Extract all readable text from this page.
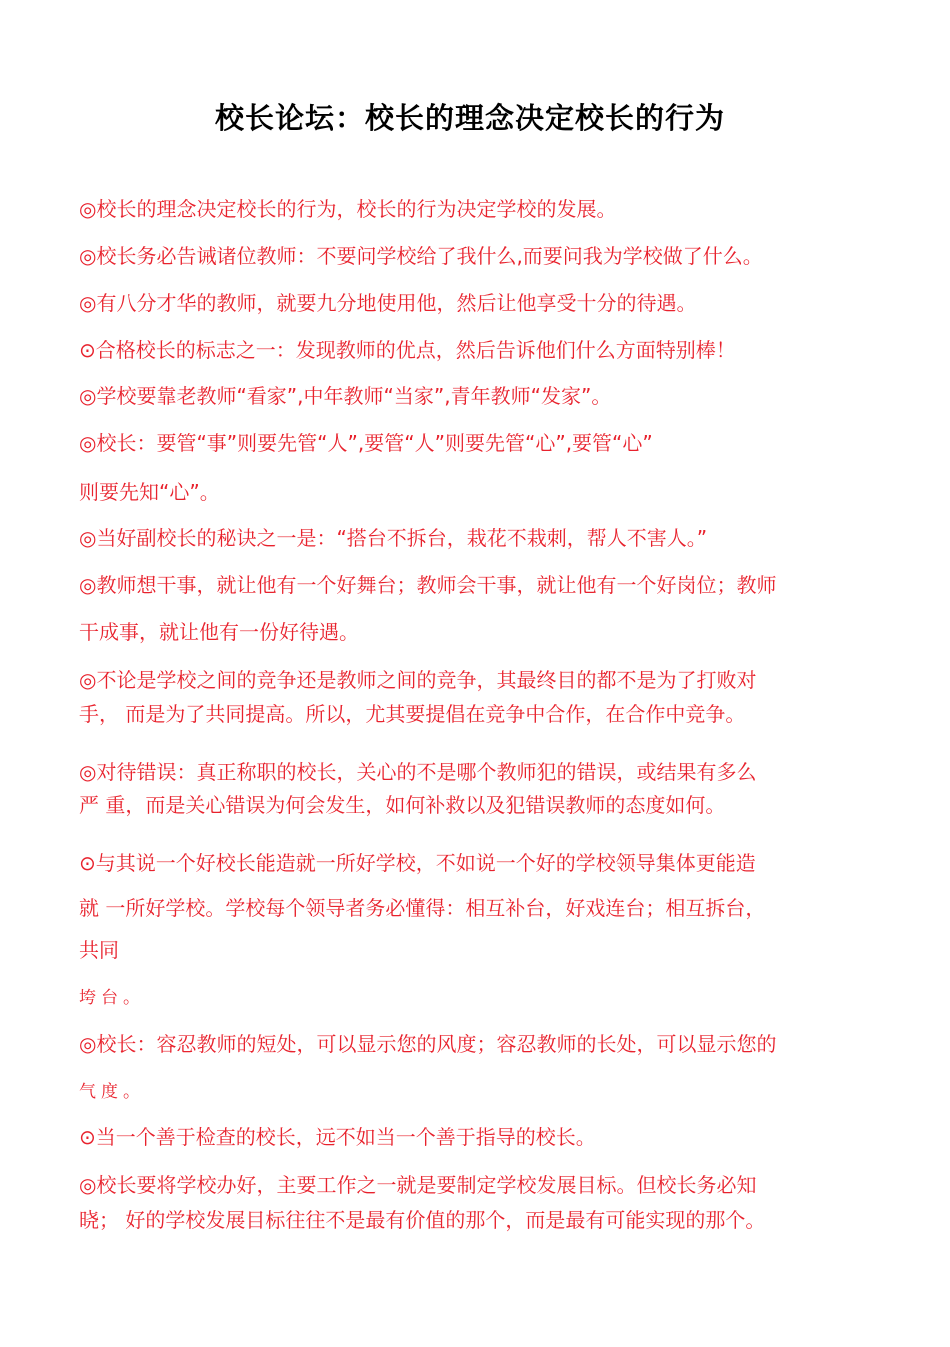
校长论坛：校长的理念决定校长的行为

◎校长的理念决定校长的行为，校长的行为决定学校的发展。

◎校长务必告诫诸位教师：不要问学校给了我什么,而要问我为学校做了什么。

◎有八分才华的教师，就要九分地使用他，然后让他享受十分的待遇。

⊙合格校长的标志之一：发现教师的优点，然后告诉他们什么方面特别棒！

◎学校要靠老教师“看家”,中年教师“当家”,青年教师“发家”。

◎校长：要管“事”则要先管“人”,要管“人”则要先管“心”,要管“心”

则要先知“心”。

◎当好副校长的秘诀之一是：“搭台不拆台，栽花不栽刺，帮人不害人。”

◎教师想干事，就让他有一个好舞台；教师会干事，就让他有一个好岗位；教师

干成事，就让他有一份好待遇。

◎不论是学校之间的竞争还是教师之间的竞争，其最终目的都不是为了打败对

手， 而是为了共同提高。所以，尤其要提倡在竞争中合作，在合作中竞争。

◎对待错误：真正称职的校长，关心的不是哪个教师犯的错误，或结果有多么

严 重，而是关心错误为何会发生，如何补救以及犯错误教师的态度如何。

⊙与其说一个好校长能造就一所好学校，不如说一个好的学校领导集体更能造

就 一所好学校。学校每个领导者务必懂得：相互补台，好戏连台；相互拆台，

共同

垮台。

◎校长：容忍教师的短处，可以显示您的风度；容忍教师的长处，可以显示您的

气度。

⊙当一个善于检查的校长，远不如当一个善于指导的校长。

◎校长要将学校办好，主要工作之一就是要制定学校发展目标。但校长务必知

晓； 好的学校发展目标往往不是最有价值的那个，而是最有可能实现的那个。
